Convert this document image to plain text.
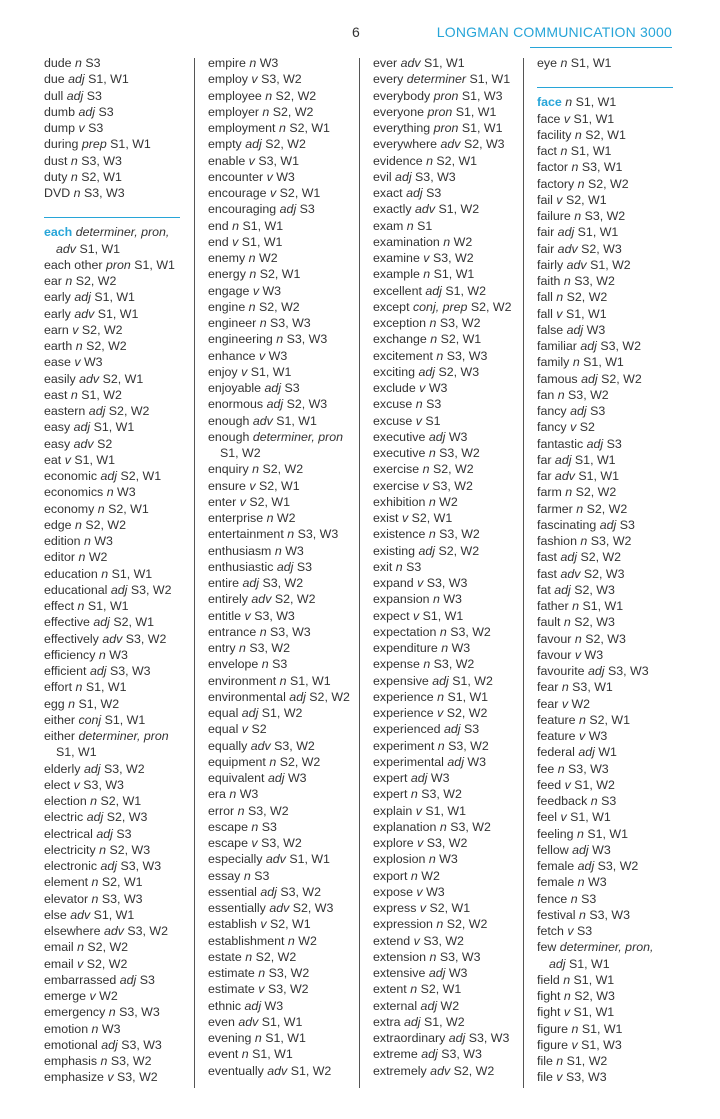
6	LONGMAN COMMUNICATION 3000
dude n S3
due adj S1, W1
dull adj S3
dumb adj S3
dump v S3
during prep S1, W1
dust n S3, W3
duty n S2, W1
DVD n S3, W3
each determiner, pron, adv S1, W1
each other pron S1, W1
ear n S2, W2
early adj S1, W1
early adv S1, W1
earn v S2, W2
earth n S2, W2
ease v W3
easily adv S2, W1
east n S1, W2
eastern adj S2, W2
easy adj S1, W1
easy adv S2
eat v S1, W1
economic adj S2, W1
economics n W3
economy n S2, W1
edge n S2, W2
edition n W3
editor n W2
education n S1, W1
educational adj S3, W2
effect n S1, W1
effective adj S2, W1
effectively adv S3, W2
efficiency n W3
efficient adj S3, W3
effort n S1, W1
egg n S1, W2
either conj S1, W1
either determiner, pron S1, W1
elderly adj S3, W2
elect v S3, W3
election n S2, W1
electric adj S2, W3
electrical adj S3
electricity n S2, W3
electronic adj S3, W3
element n S2, W1
elevator n S3, W3
else adv S1, W1
elsewhere adv S3, W2
email n S2, W2
email v S2, W2
embarrassed adj S3
emerge v W2
emergency n S3, W3
emotion n W3
emotional adj S3, W3
emphasis n S3, W2
emphasize v S3, W2
empire n W3
employ v S3, W2
employee n S2, W2
employer n S2, W2
employment n S2, W1
empty adj S2, W2
enable v S3, W1
encounter v W3
encourage v S2, W1
encouraging adj S3
end n S1, W1
end v S1, W1
enemy n W2
energy n S2, W1
engage v W3
engine n S2, W2
engineer n S3, W3
engineering n S3, W3
enhance v W3
enjoy v S1, W1
enjoyable adj S3
enormous adj S2, W3
enough adv S1, W1
enough determiner, pron S1, W2
enquiry n S2, W2
ensure v S2, W1
enter v S2, W1
enterprise n W2
entertainment n S3, W3
enthusiasm n W3
enthusiastic adj S3
entire adj S3, W2
entirely adv S2, W2
entitle v S3, W3
entrance n S3, W3
entry n S3, W2
envelope n S3
environment n S1, W1
environmental adj S2, W2
equal adj S1, W2
equal v S2
equally adv S3, W2
equipment n S2, W2
equivalent adj W3
era n W3
error n S3, W2
escape n S3
escape v S3, W2
especially adv S1, W1
essay n S3
essential adj S3, W2
essentially adv S2, W3
establish v S2, W1
establishment n W2
estate n S2, W2
estimate n S3, W2
estimate v S3, W2
ethnic adj W3
even adv S1, W1
evening n S1, W1
event n S1, W1
eventually adv S1, W2
ever adv S1, W1
every determiner S1, W1
everybody pron S1, W3
everyone pron S1, W1
everything pron S1, W1
everywhere adv S2, W3
evidence n S2, W1
evil adj S3, W3
exact adj S3
exactly adv S1, W2
exam n S1
examination n W2
examine v S3, W2
example n S1, W1
excellent adj S1, W2
except conj, prep S2, W2
exception n S3, W2
exchange n S2, W1
excitement n S3, W3
exciting adj S2, W3
exclude v W3
excuse n S3
excuse v S1
executive adj W3
executive n S3, W2
exercise n S2, W2
exercise v S3, W2
exhibition n W2
exist v S2, W1
existence n S3, W2
existing adj S2, W2
exit n S3
expand v S3, W3
expansion n W3
expect v S1, W1
expectation n S3, W2
expenditure n W3
expense n S3, W2
expensive adj S1, W2
experience n S1, W1
experience v S2, W2
experienced adj S3
experiment n S3, W2
experimental adj W3
expert adj W3
expert n S3, W2
explain v S1, W1
explanation n S3, W2
explore v S3, W2
explosion n W3
export n W2
expose v W3
express v S2, W1
expression n S2, W2
extend v S3, W2
extension n S3, W3
extensive adj W3
extent n S2, W1
external adj W2
extra adj S1, W2
extraordinary adj S3, W3
extreme adj S3, W3
extremely adv S2, W2
eye n S1, W1
face n S1, W1
face v S1, W1
facility n S2, W1
fact n S1, W1
factor n S3, W1
factory n S2, W2
fail v S2, W1
failure n S3, W2
fair adj S1, W1
fair adv S2, W3
fairly adv S1, W2
faith n S3, W2
fall n S2, W2
fall v S1, W1
false adj W3
familiar adj S3, W2
family n S1, W1
famous adj S2, W2
fan n S3, W2
fancy adj S3
fancy v S2
fantastic adj S3
far adj S1, W1
far adv S1, W1
farm n S2, W2
farmer n S2, W2
fascinating adj S3
fashion n S3, W2
fast adj S2, W2
fast adv S2, W3
fat adj S2, W3
father n S1, W1
fault n S2, W3
favour n S2, W3
favour v W3
favourite adj S3, W3
fear n S3, W1
fear v W2
feature n S2, W1
feature v W3
federal adj W1
fee n S3, W3
feed v S1, W2
feedback n S3
feel v S1, W1
feeling n S1, W1
fellow adj W3
female adj S3, W2
female n W3
fence n S3
festival n S3, W3
fetch v S3
few determiner, pron, adj S1, W1
field n S1, W1
fight n S2, W3
fight v S1, W1
figure n S1, W1
figure v S1, W3
file n S1, W2
file v S3, W3
